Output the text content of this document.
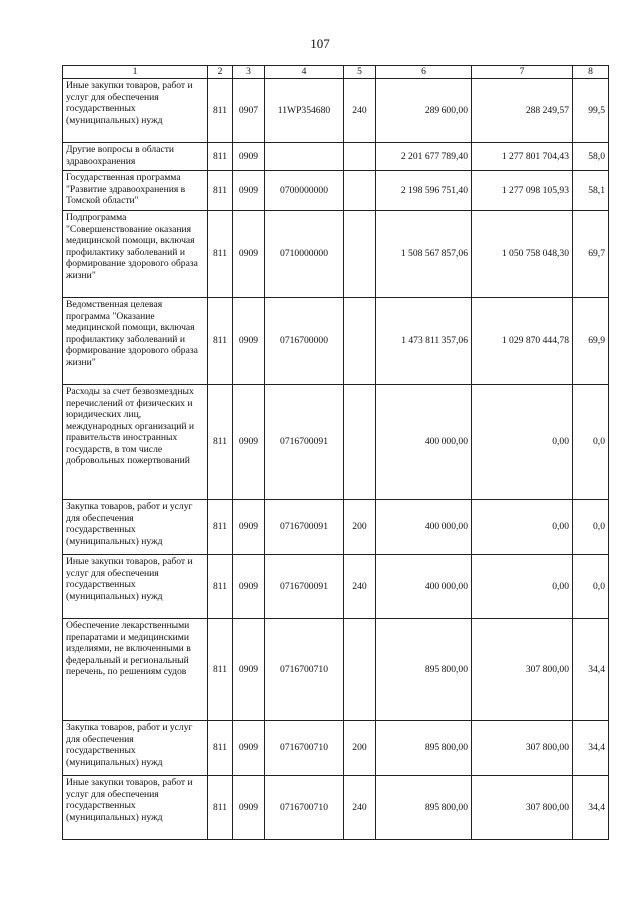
107
1	2	3	4	5	6	7	8
Иные закупки товаров, работ и услуг для обеспечения государственных (муниципальных) нужд	811	0907	11WP354680	240	289 600,00	288 249,57	99,5
Другие вопросы в области здравоохранения	811	0909			2 201 677 789,40	1 277 801 704,43	58,0
Государственная программа "Развитие здравоохранения в Томской области"	811	0909	0700000000		2 198 596 751,40	1 277 098 105,93	58,1
Подпрограмма "Совершенствование оказания медицинской помощи, включая профилактику заболеваний и формирование здорового образа жизни"	811	0909	0710000000		1 508 567 857,06	1 050 758 048,30	69,7
Ведомственная целевая программа "Оказание медицинской помощи, включая профилактику заболеваний и формирование здорового образа жизни"	811	0909	0716700000		1 473 811 357,06	1 029 870 444,78	69,9
Расходы за счет безвозмездных перечислений от физических и юридических лиц, международных организаций и правительств иностранных государств, в том числе добровольных пожертвований	811	0909	0716700091		400 000,00	0,00	0,0
Закупка товаров, работ и услуг для обеспечения государственных (муниципальных) нужд	811	0909	0716700091	200	400 000,00	0,00	0,0
Иные закупки товаров, работ и услуг для обеспечения государственных (муниципальных) нужд	811	0909	0716700091	240	400 000,00	0,00	0,0
Обеспечение лекарственными препаратами и медицинскими изделиями, не включенными в федеральный и региональный перечень, по решениям судов	811	0909	0716700710		895 800,00	307 800,00	34,4
Закупка товаров, работ и услуг для обеспечения государственных (муниципальных) нужд	811	0909	0716700710	200	895 800,00	307 800,00	34,4
Иные закупки товаров, работ и услуг для обеспечения государственных (муниципальных) нужд	811	0909	0716700710	240	895 800,00	307 800,00	34,4
